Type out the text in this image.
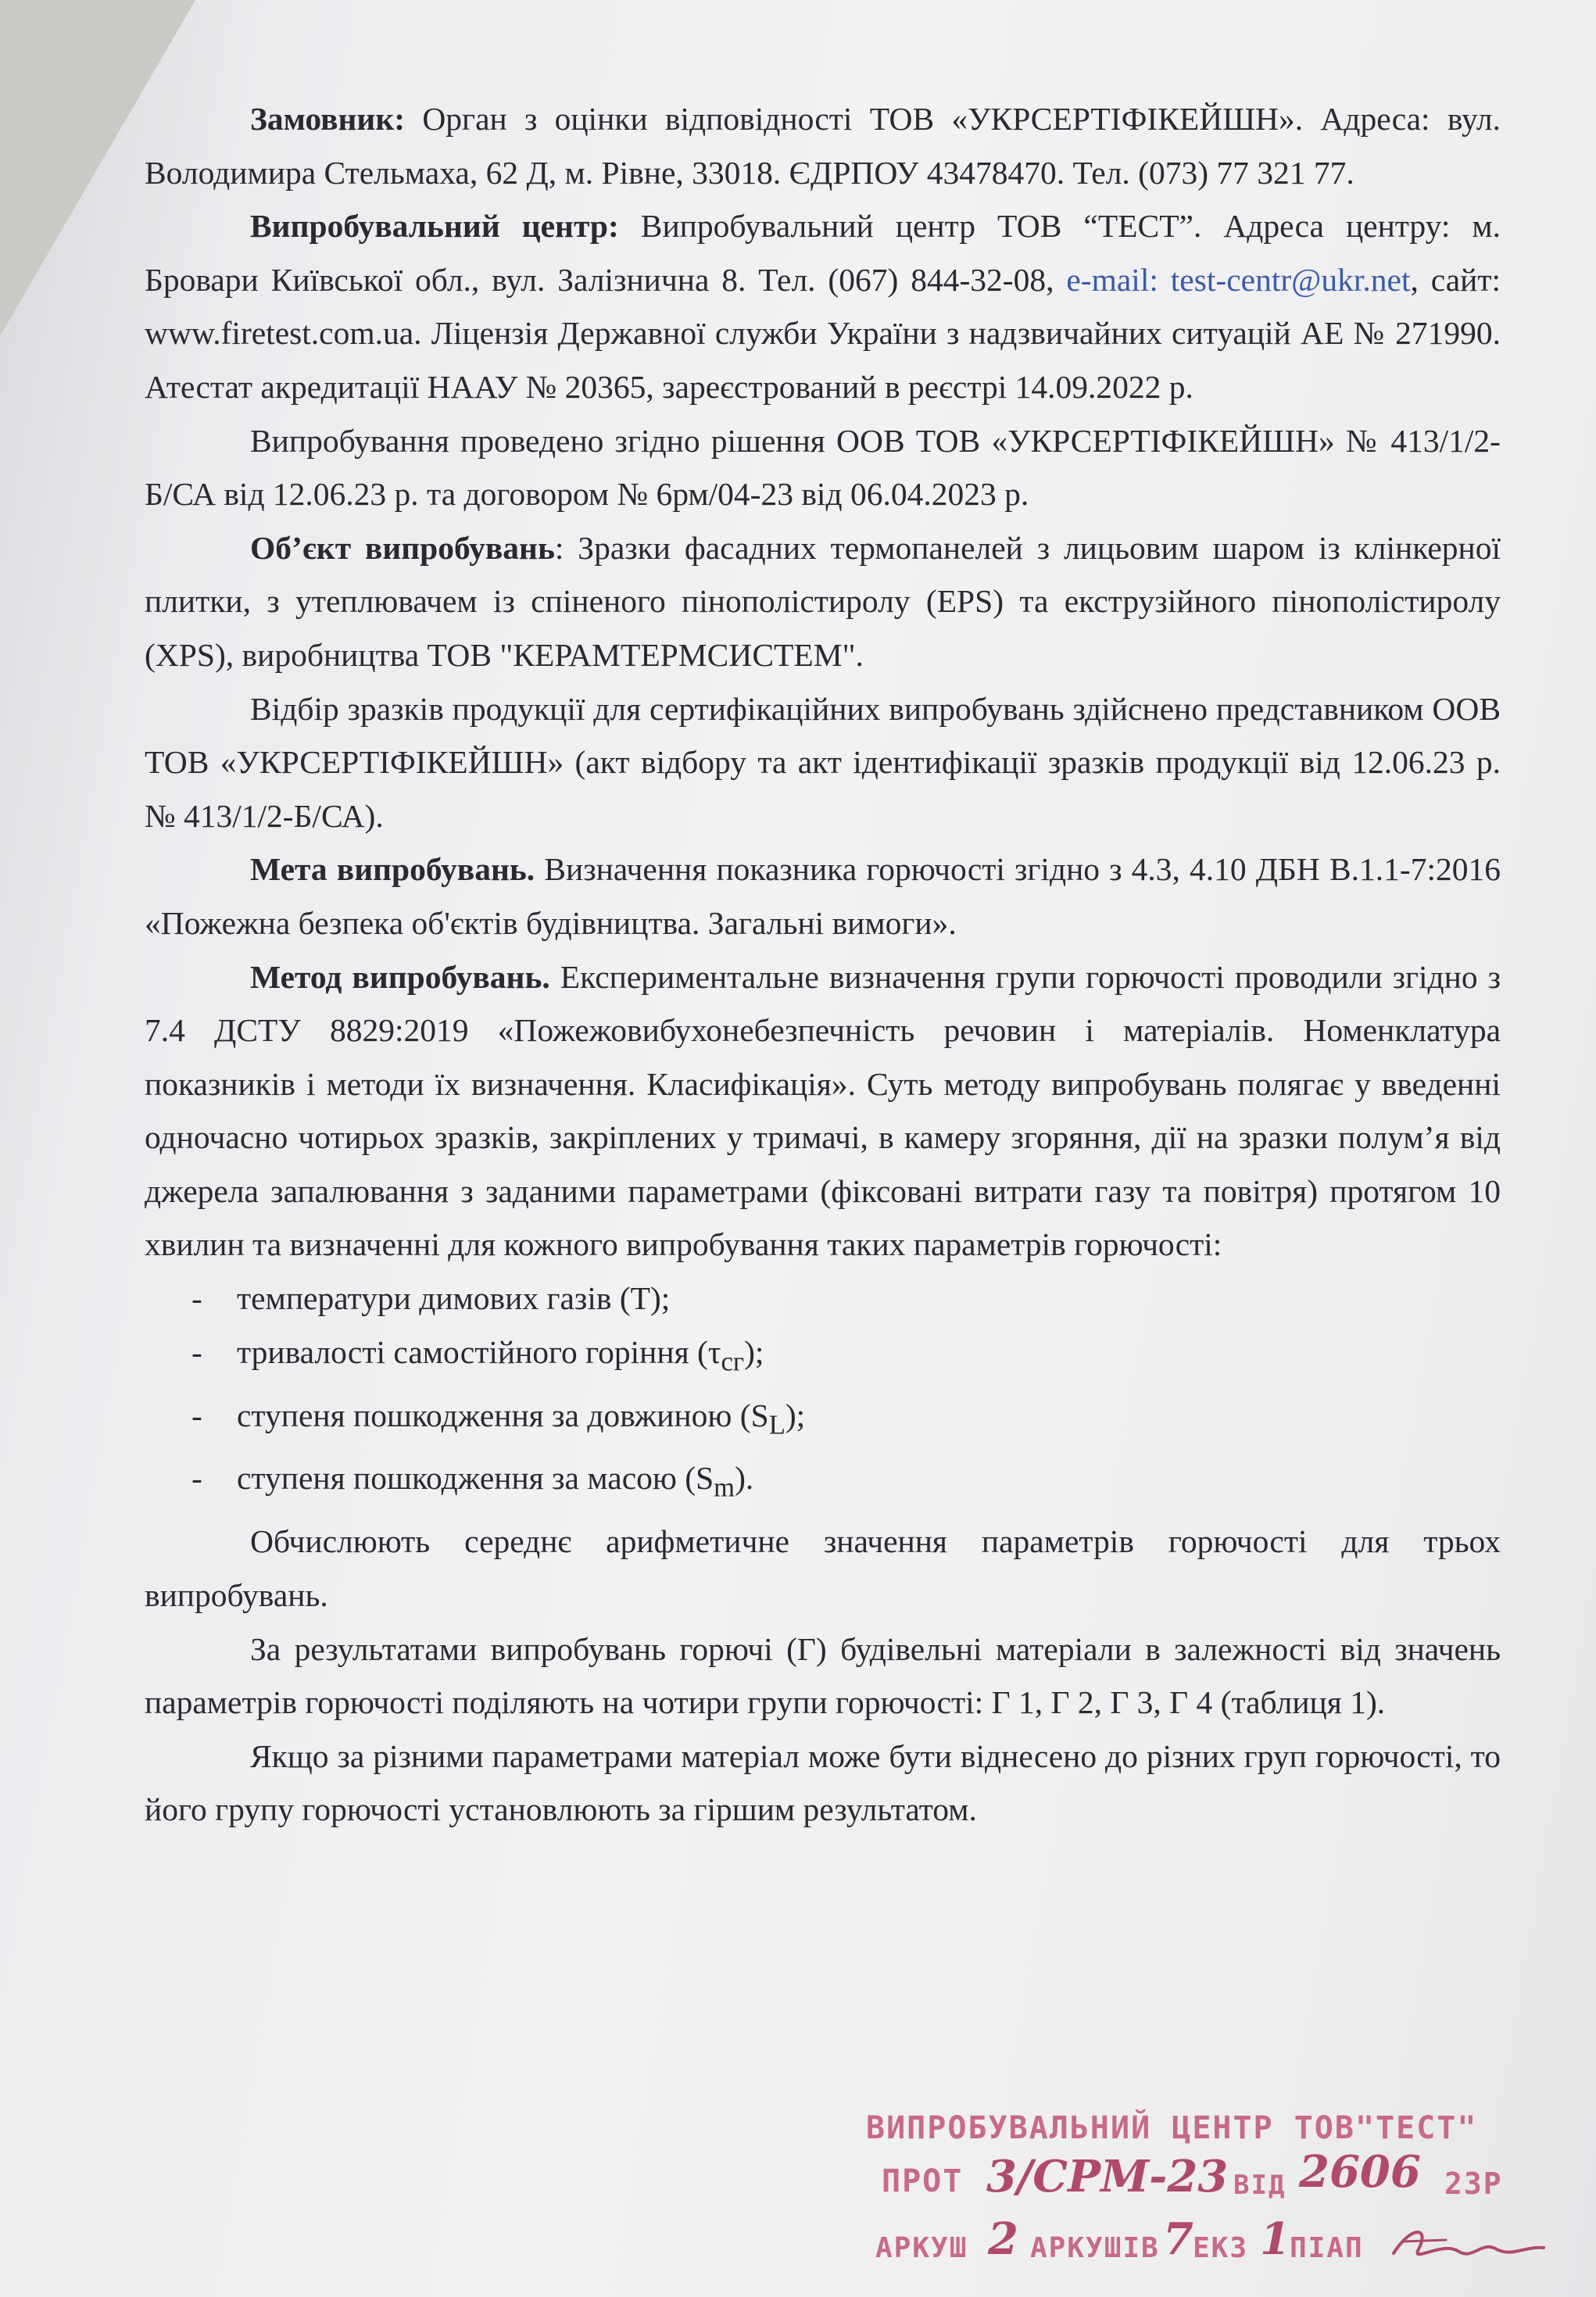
Замовник: Орган з оцінки відповідності ТОВ «УКРСЕРТІФІКЕЙШН». Адреса: вул. Володимира Стельмаха, 62 Д, м. Рівне, 33018. ЄДРПОУ 43478470. Тел. (073) 77 321 77.

Випробувальний центр: Випробувальний центр ТОВ “ТЕСТ”. Адреса центру: м. Бровари Київської обл., вул. Залізнична 8. Тел. (067) 844-32-08, e-mail: test-centr@ukr.net, сайт: www.firetest.com.ua. Ліцензія Державної служби України з надзвичайних ситуацій АЕ № 271990. Атестат акредитації НААУ № 20365, зареєстрований в реєстрі 14.09.2022 р.

Випробування проведено згідно рішення ООВ ТОВ «УКРСЕРТІФІКЕЙШН» № 413/1/2-Б/СА від 12.06.23 р. та договором № 6рм/04-23 від 06.04.2023 р.

Об’єкт випробувань: Зразки фасадних термопанелей з лицьовим шаром із клінкерної плитки, з утеплювачем із спіненого пінополістиролу (EPS) та екструзійного пінополістиролу (XPS), виробництва ТОВ "КЕРАМТЕРМСИСТЕМ".

Відбір зразків продукції для сертифікаційних випробувань здійснено представником ООВ ТОВ «УКРСЕРТІФІКЕЙШН» (акт відбору та акт ідентифікації зразків продукції від 12.06.23 р. № 413/1/2-Б/СА).

Мета випробувань. Визначення показника горючості згідно з 4.3, 4.10 ДБН В.1.1-7:2016 «Пожежна безпека об'єктів будівництва. Загальні вимоги».

Метод випробувань. Експериментальне визначення групи горючості проводили згідно з 7.4 ДСТУ 8829:2019 «Пожежовибухонебезпечність речовин і матеріалів. Номенклатура показників і методи їх визначення. Класифікація». Суть методу випробувань полягає у введенні одночасно чотирьох зразків, закріплених у тримачі, в камеру згоряння, дії на зразки полум’я від джерела запалювання з заданими параметрами (фіксовані витрати газу та повітря) протягом 10 хвилин та визначенні для кожного випробування таких параметрів горючості:

- температури димових газів (T);
- тривалості самостійного горіння $(\tau_{сг})$;
- ступеня пошкодження за довжиною $(S_L)$;
- ступеня пошкодження за масою $(S_m)$.

Обчислюють середнє арифметичне значення параметрів горючості для трьох випробувань.

За результатами випробувань горючі (Г) будівельні матеріали в залежності від значень параметрів горючості поділяють на чотири групи горючості: Г 1, Г 2, Г 3, Г 4 (таблиця 1).

Якщо за різними параметрами матеріал може бути віднесено до різних груп горючості, то його групу горючості установлюють за гіршим результатом.

ВИПРОБУВАЛЬНИЙ ЦЕНТР ТОВ"ТЕСТ"
ПРОТ 3/СРМ-23 ВІД 2606 23Р
АРКУШ 2 АРКУШІВ 7 ЕКЗ 1 ПІАП
